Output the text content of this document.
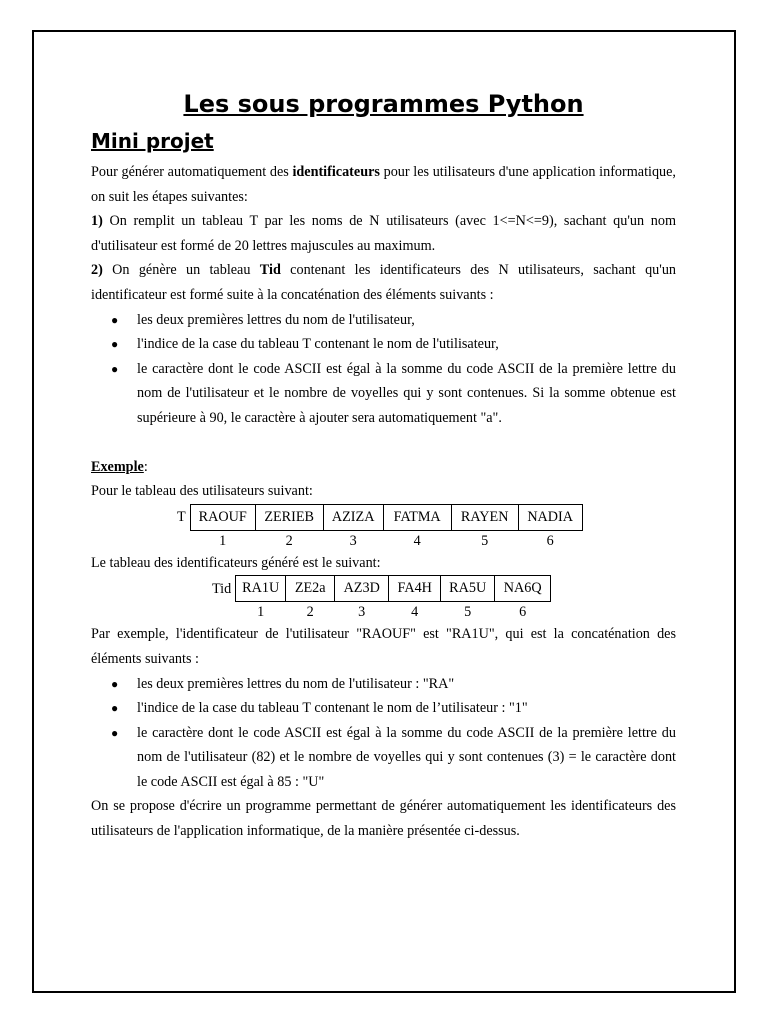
Les sous programmes Python
Mini projet

Pour générer automatiquement des identificateurs pour les utilisateurs d'une application informatique, on suit les étapes suivantes:

1) On remplit un tableau T par les noms de N utilisateurs (avec 1<=N<=9), sachant qu'un nom d'utilisateur est formé de 20 lettres majuscules au maximum.

2) On génère un tableau Tid contenant les identificateurs des N utilisateurs, sachant qu'un identificateur est formé suite à la concaténation des éléments suivants :

● les deux premières lettres du nom de l'utilisateur,
● l'indice de la case du tableau T contenant le nom de l'utilisateur,
● le caractère dont le code ASCII est égal à la somme du code ASCII de la première lettre du nom de l'utilisateur et le nombre de voyelles qui y sont contenues. Si la somme obtenue est supérieure à 90, le caractère à ajouter sera automatiquement "a".

Exemple:

Pour le tableau des utilisateurs suivant:

T	RAOUF	ZERIEB	AZIZA	FATMA	RAYEN	NADIA
	1	2	3	4	5	6

Le tableau des identificateurs généré est le suivant:

Tid	RA1U	ZE2a	AZ3D	FA4H	RA5U	NA6Q
	1	2	3	4	5	6

Par exemple, l'identificateur de l'utilisateur "RAOUF" est "RA1U", qui est la concaténation des éléments suivants :

● les deux premières lettres du nom de l'utilisateur : "RA"
● l'indice de la case du tableau T contenant le nom de l’utilisateur : "1"
● le caractère dont le code ASCII est égal à la somme du code ASCII de la première lettre du nom de l'utilisateur (82) et le nombre de voyelles qui y sont contenues (3) = le caractère dont le code ASCII est égal à 85 : "U"

On se propose d'écrire un programme permettant de générer automatiquement les identificateurs des utilisateurs de l'application informatique, de la manière présentée ci-dessus.
